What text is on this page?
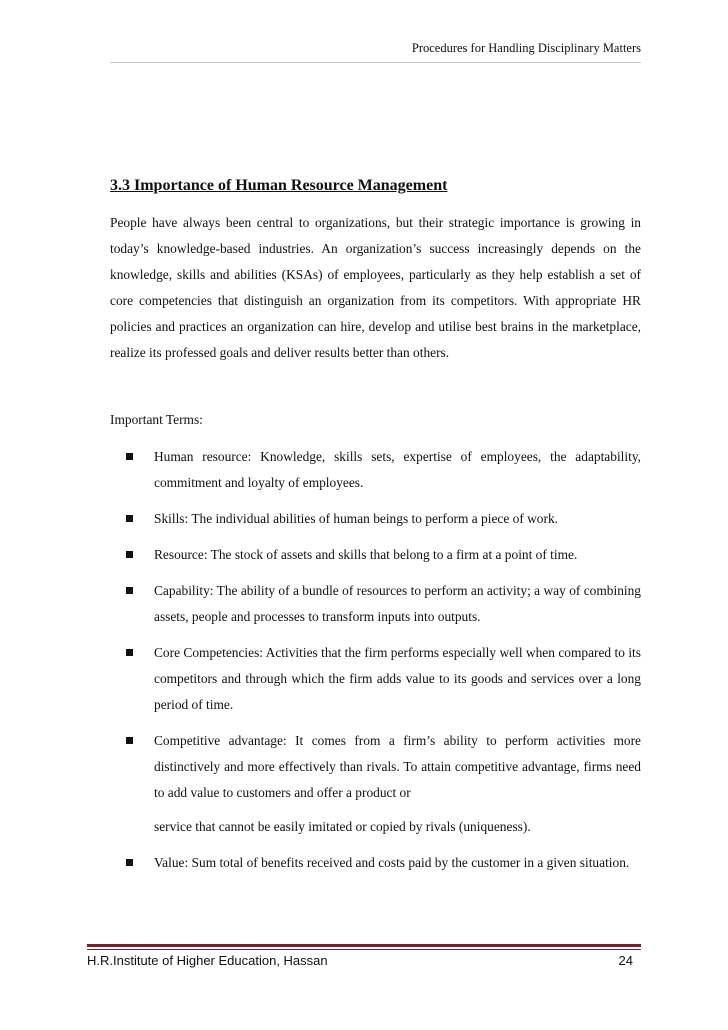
Procedures for Handling Disciplinary Matters
3.3 Importance of Human Resource Management

People have always been central to organizations, but their strategic importance is growing in today’s knowledge-based industries. An organization’s success increasingly depends on the knowledge, skills and abilities (KSAs) of employees, particularly as they help establish a set of core competencies that distinguish an organization from its competitors. With appropriate HR policies and practices an organization can hire, develop and utilise best brains in the marketplace, realize its professed goals and deliver results better than others.

Important Terms:

Human resource: Knowledge, skills sets, expertise of employees, the adaptability, commitment and loyalty of employees.
Skills: The individual abilities of human beings to perform a piece of work.
Resource: The stock of assets and skills that belong to a firm at a point of time.
Capability: The ability of a bundle of resources to perform an activity; a way of combining assets, people and processes to transform inputs into outputs.
Core Competencies: Activities that the firm performs especially well when compared to its competitors and through which the firm adds value to its goods and services over a long period of time.
Competitive advantage: It comes from a firm’s ability to perform activities more distinctively and more effectively than rivals. To attain competitive advantage, firms need to add value to customers and offer a product or
service that cannot be easily imitated or copied by rivals (uniqueness).
Value: Sum total of benefits received and costs paid by the customer in a given situation.
H.R.Institute of Higher Education, Hassan	24
